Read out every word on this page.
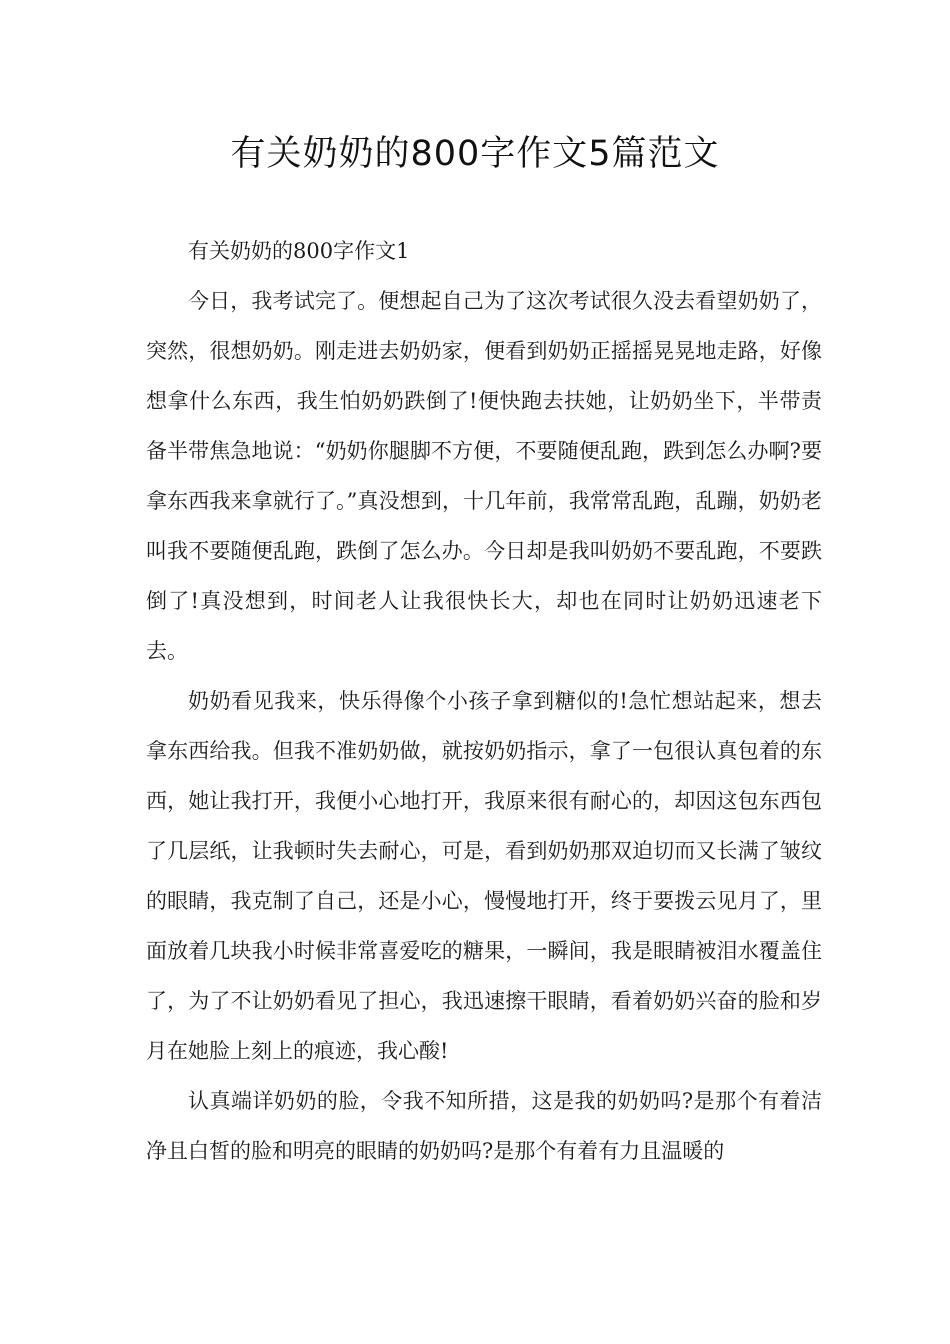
有关奶奶的800字作文5篇范文

有关奶奶的800字作文1

今日，我考试完了。便想起自己为了这次考试很久没去看望奶奶了，突然，很想奶奶。刚走进去奶奶家，便看到奶奶正摇摇晃晃地走路，好像想拿什么东西，我生怕奶奶跌倒了!便快跑去扶她，让奶奶坐下，半带责备半带焦急地说：“奶奶你腿脚不方便，不要随便乱跑，跌到怎么办啊?要拿东西我来拿就行了。”真没想到，十几年前，我常常乱跑，乱蹦，奶奶老叫我不要随便乱跑，跌倒了怎么办。今日却是我叫奶奶不要乱跑，不要跌倒了!真没想到，时间老人让我很快长大，却也在同时让奶奶迅速老下去。

奶奶看见我来，快乐得像个小孩子拿到糖似的!急忙想站起来，想去拿东西给我。但我不准奶奶做，就按奶奶指示，拿了一包很认真包着的东西，她让我打开，我便小心地打开，我原来很有耐心的，却因这包东西包了几层纸，让我顿时失去耐心，可是，看到奶奶那双迫切而又长满了皱纹的眼睛，我克制了自己，还是小心，慢慢地打开，终于要拨云见月了，里面放着几块我小时候非常喜爱吃的糖果，一瞬间，我是眼睛被泪水覆盖住了，为了不让奶奶看见了担心，我迅速擦干眼睛，看着奶奶兴奋的脸和岁月在她脸上刻上的痕迹，我心酸!

认真端详奶奶的脸，令我不知所措，这是我的奶奶吗?是那个有着洁净且白皙的脸和明亮的眼睛的奶奶吗?是那个有着有力且温暖的
